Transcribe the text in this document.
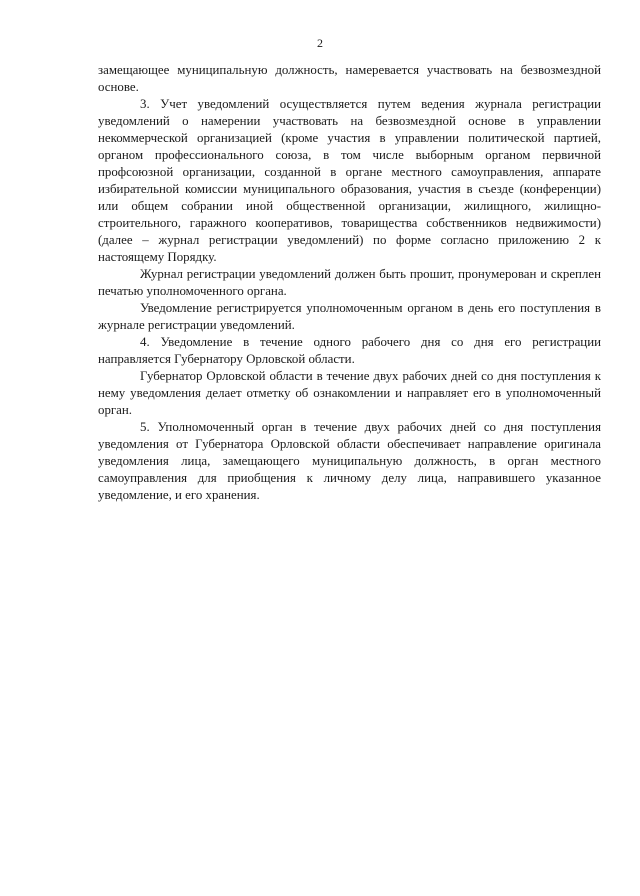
2

замещающее муниципальную должность, намеревается участвовать на безвозмездной основе.

3. Учет уведомлений осуществляется путем ведения журнала регистрации уведомлений о намерении участвовать на безвозмездной основе в управлении некоммерческой организацией (кроме участия в управлении политической партией, органом профессионального союза, в том числе выборным органом первичной профсоюзной организации, созданной в органе местного самоуправления, аппарате избирательной комиссии муниципального образования, участия в съезде (конференции) или общем собрании иной общественной организации, жилищного, жилищно-строительного, гаражного кооперативов, товарищества собственников недвижимости) (далее – журнал регистрации уведомлений) по форме согласно приложению 2 к настоящему Порядку.

Журнал регистрации уведомлений должен быть прошит, пронумерован и скреплен печатью уполномоченного органа.

Уведомление регистрируется уполномоченным органом в день его поступления в журнале регистрации уведомлений.

4. Уведомление в течение одного рабочего дня со дня его регистрации направляется Губернатору Орловской области.

Губернатор Орловской области в течение двух рабочих дней со дня поступления к нему уведомления делает отметку об ознакомлении и направляет его в уполномоченный орган.

5. Уполномоченный орган в течение двух рабочих дней со дня поступления уведомления от Губернатора Орловской области обеспечивает направление оригинала уведомления лица, замещающего муниципальную должность, в орган местного самоуправления для приобщения к личному делу лица, направившего указанное уведомление, и его хранения.
